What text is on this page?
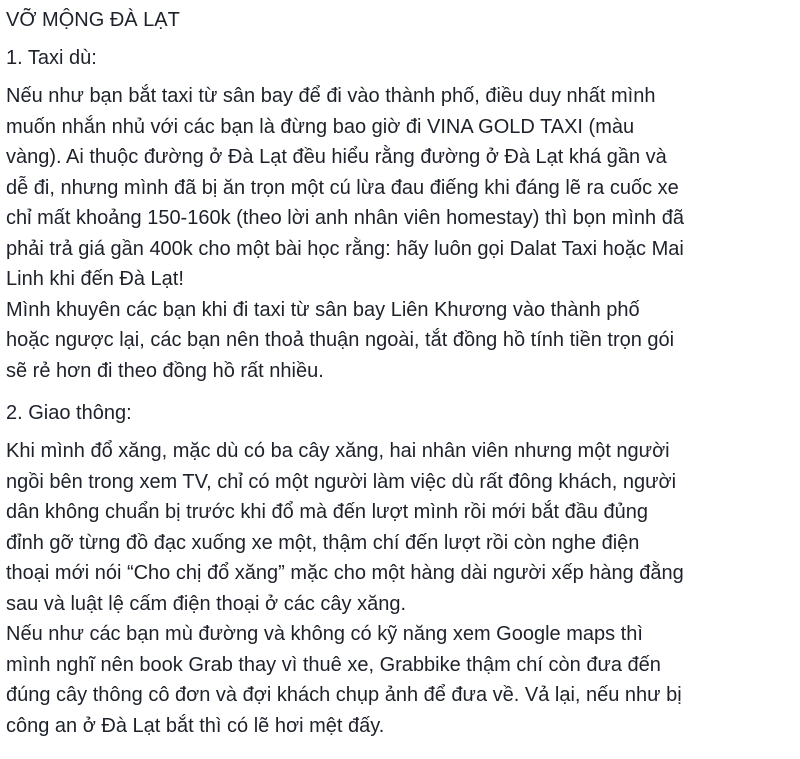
VỠ MỘNG ĐÀ LẠT
1. Taxi dù:
Nếu như bạn bắt taxi từ sân bay để đi vào thành phố, điều duy nhất mình
muốn nhắn nhủ với các bạn là đừng bao giờ đi VINA GOLD TAXI (màu
vàng). Ai thuộc đường ở Đà Lạt đều hiểu rằng đường ở Đà Lạt khá gần và
dễ đi, nhưng mình đã bị ăn trọn một cú lừa đau điếng khi đáng lẽ ra cuốc xe
chỉ mất khoảng 150-160k (theo lời anh nhân viên homestay) thì bọn mình đã
phải trả giá gần 400k cho một bài học rằng: hãy luôn gọi Dalat Taxi hoặc Mai
Linh khi đến Đà Lạt!
Mình khuyên các bạn khi đi taxi từ sân bay Liên Khương vào thành phố
hoặc ngược lại, các bạn nên thoả thuận ngoài, tắt đồng hồ tính tiền trọn gói
sẽ rẻ hơn đi theo đồng hồ rất nhiều.
2. Giao thông:
Khi mình đổ xăng, mặc dù có ba cây xăng, hai nhân viên nhưng một người
ngồi bên trong xem TV, chỉ có một người làm việc dù rất đông khách, người
dân không chuẩn bị trước khi đổ mà đến lượt mình rồi mới bắt đầu đủng
đỉnh gỡ từng đồ đạc xuống xe một, thậm chí đến lượt rồi còn nghe điện
thoại mới nói “Cho chị đổ xăng” mặc cho một hàng dài người xếp hàng đằng
sau và luật lệ cấm điện thoại ở các cây xăng.
Nếu như các bạn mù đường và không có kỹ năng xem Google maps thì
mình nghĩ nên book Grab thay vì thuê xe, Grabbike thậm chí còn đưa đến
đúng cây thông cô đơn và đợi khách chụp ảnh để đưa về. Vả lại, nếu như bị
công an ở Đà Lạt bắt thì có lẽ hơi mệt đấy.
